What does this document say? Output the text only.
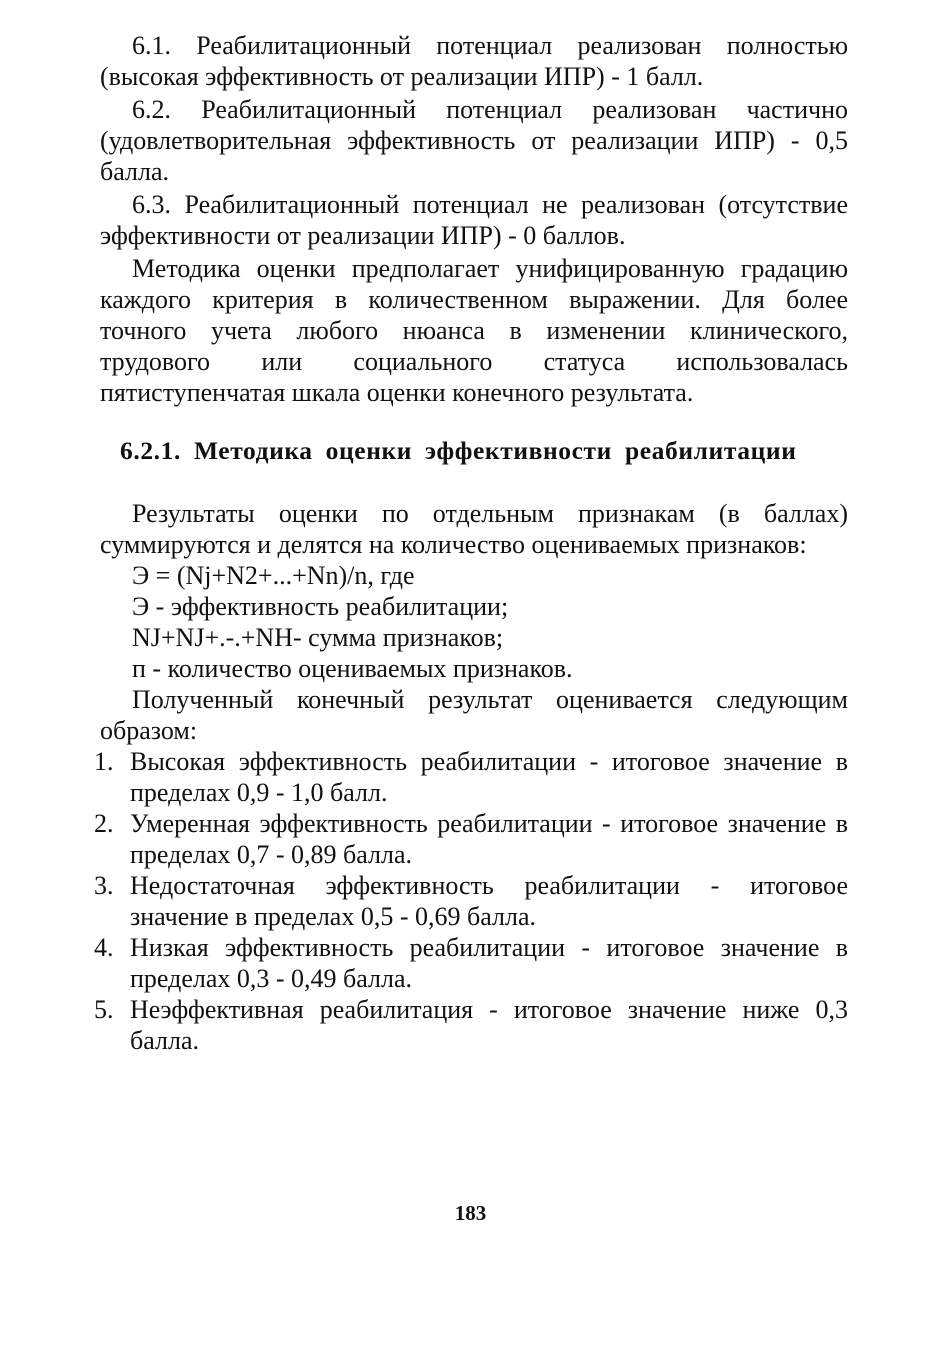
6.1. Реабилитационный потенциал реализован полностью (высокая эффективность от реализации ИПР) - 1 балл.

6.2. Реабилитационный потенциал реализован частично (удовлетворительная эффективность от реализации ИПР) - 0,5 балла.

6.3. Реабилитационный потенциал не реализован (отсутствие эффективности от реализации ИПР) - 0 баллов.

Методика оценки предполагает унифицированную градацию каждого критерия в количественном выражении. Для более точного учета любого нюанса в изменении клинического, трудового или социального статуса использовалась пятиступенчатая шкала оценки конечного результата.

6.2.1. Методика оценки эффективности реабилитации

Результаты оценки по отдельным признакам (в баллах) суммируются и делятся на количество оцениваемых признаков:

Э = (Nj+N2+...+Nn)/n, где

Э - эффективность реабилитации;

NJ+NJ+.-.+NH- сумма признаков;

п - количество оцениваемых признаков.

Полученный конечный результат оценивается следующим образом:

1. Высокая эффективность реабилитации - итоговое значение в пределах 0,9 - 1,0 балл.
2. Умеренная эффективность реабилитации - итоговое значение в пределах 0,7 - 0,89 балла.
3. Недостаточная эффективность реабилитации - итоговое значение в пределах 0,5 - 0,69 балла.
4. Низкая эффективность реабилитации - итоговое значение в пределах 0,3 - 0,49 балла.
5. Неэффективная реабилитация - итоговое значение ниже 0,3 балла.
183
